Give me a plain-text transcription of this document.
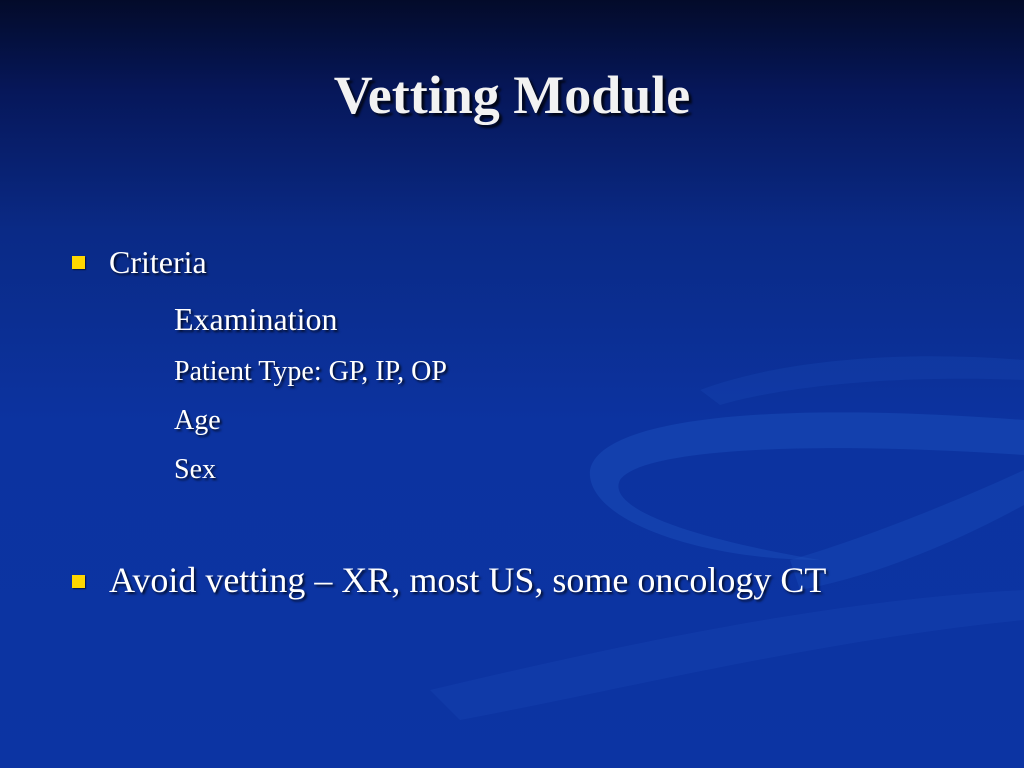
Vetting Module
Criteria
Examination
Patient Type: GP, IP, OP
Age
Sex
Avoid vetting – XR, most US, some oncology CT
